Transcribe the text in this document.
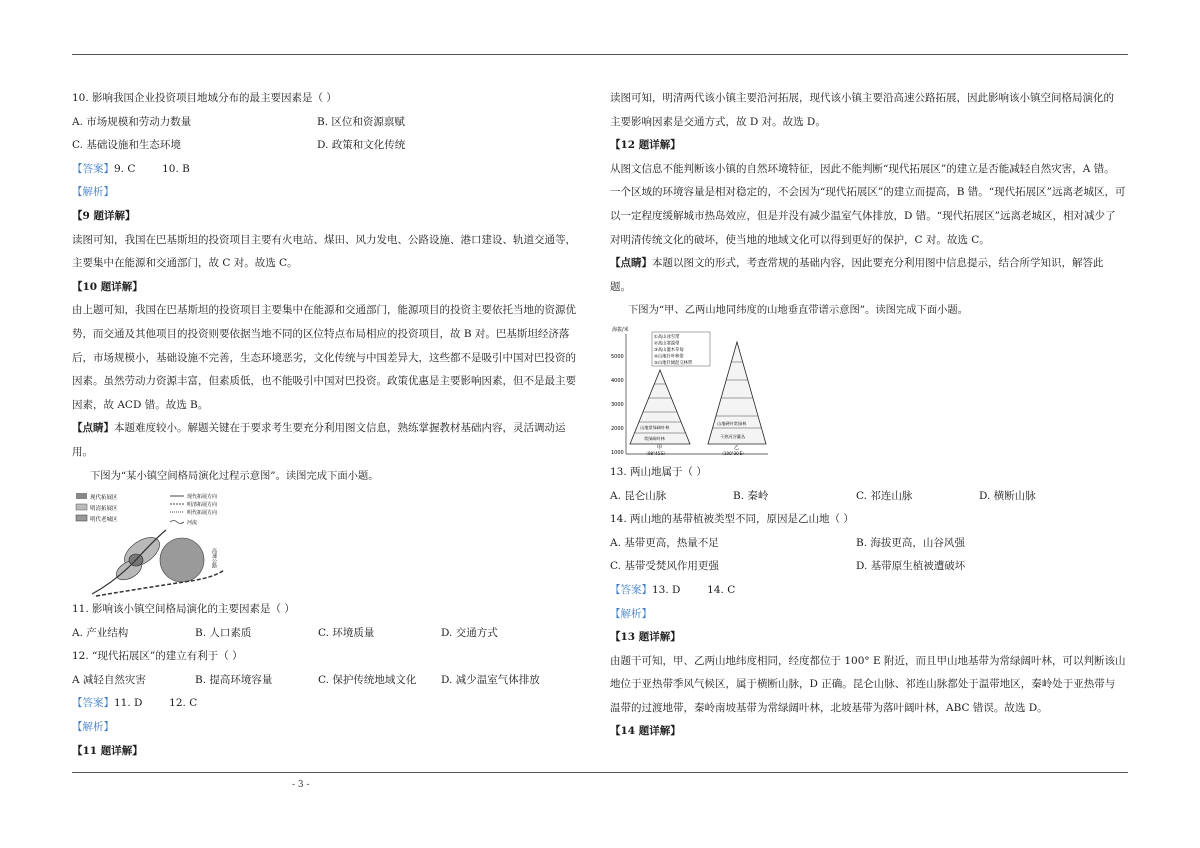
10. 影响我国企业投资项目地域分布的最主要因素是（ ）

A. 市场规模和劳动力数量	B. 区位和资源禀赋

C. 基础设施和生态环境	D. 政策和文化传统

【答案】9. C        10. B

【解析】

【9 题详解】

读图可知，我国在巴基斯坦的投资项目主要有火电站、煤田、风力发电、公路设施、港口建设、轨道交通等，

主要集中在能源和交通部门，故 C 对。故选 C。

【10 题详解】

由上题可知，我国在巴基斯坦的投资项目主要集中在能源和交通部门，能源项目的投资主要依托当地的资源优

势，而交通及其他项目的投资则要依据当地不同的区位特点布局相应的投资项目，故 B 对。巴基斯坦经济落

后，市场规模小，基础设施不完善，生态环境恶劣，文化传统与中国差异大，这些都不是吸引中国对巴投资的

因素。虽然劳动力资源丰富，但素质低，也不能吸引中国对巴投资。政策优惠是主要影响因素，但不是最主要

因素，故 ACD 错。故选 B。

【点睛】本题难度较小。解题关键在于要求考生要充分利用图文信息，熟练掌握教材基础内容，灵活调动运

用。

下图为“某小镇空间格局演化过程示意图”。读图完成下面小题。

现代拓展区
明清拓展区
明代老城区
现代拓展方向
明清拓展方向
明代拓展方向
河流
高速公路

11. 影响该小镇空间格局演化的主要因素是（ ）

A. 产业结构	B. 人口素质	C. 环境质量	D. 交通方式

12. “现代拓展区”的建立有利于（ ）

A 减轻自然灾害	B. 提高环境容量	C. 保护传统地域文化	D. 减少温室气体排放

【答案】11. D        12. C

【解析】

【11 题详解】

读图可知，明清两代该小镇主要沿河拓展，现代该小镇主要沿高速公路拓展，因此影响该小镇空间格局演化的

主要影响因素是交通方式，故 D 对。故选 D。

【12 题详解】

从图文信息不能判断该小镇的自然环境特征，因此不能判断“现代拓展区”的建立是否能减轻自然灾害，A 错。

一个区域的环境容量是相对稳定的，不会因为“现代拓展区”的建立而提高，B 错。“现代拓展区”远离老城区，可

以一定程度缓解城市热岛效应，但是并没有减少温室气体排放，D 错。“现代拓展区”远离老城区，相对减少了

对明清传统文化的破坏，使当地的地域文化可以得到更好的保护，C 对。故选 C。

【点睛】本题以图文的形式，考查常规的基础内容，因此要充分利用图中信息提示，结合所学知识，解答此

题。

下图为“甲、乙两山地同纬度的山地垂直带谱示意图”。读图完成下面小题。

海拔/米
5000
4000
3000
2000
1000
①高山冰雪带
②高山寒漠带
③高山灌木草甸
④山地针叶林带
⑤山地针阔混交林带
山地常绿阔叶林
常绿阔叶林
甲
（98°45′E）
山地硬叶常绿林
干热河谷灌丛
乙
（100°30′E）

13. 两山地属于（ ）

A. 昆仑山脉	B. 秦岭	C. 祁连山脉	D. 横断山脉

14. 两山地的基带植被类型不同，原因是乙山地（ ）

A. 基带更高，热量不足	B. 海拔更高，山谷风强

C. 基带受焚风作用更强	D. 基带原生植被遭破坏

【答案】13. D        14. C

【解析】

【13 题详解】

由题干可知，甲、乙两山地纬度相同，经度都位于 100° E 附近，而且甲山地基带为常绿阔叶林，可以判断该山

地位于亚热带季风气候区，属于横断山脉，D 正确。昆仑山脉、祁连山脉都处于温带地区，秦岭处于亚热带与

温带的过渡地带，秦岭南坡基带为常绿阔叶林，北坡基带为落叶阔叶林，ABC 错误。故选 D。

【14 题详解】

- 3 -
